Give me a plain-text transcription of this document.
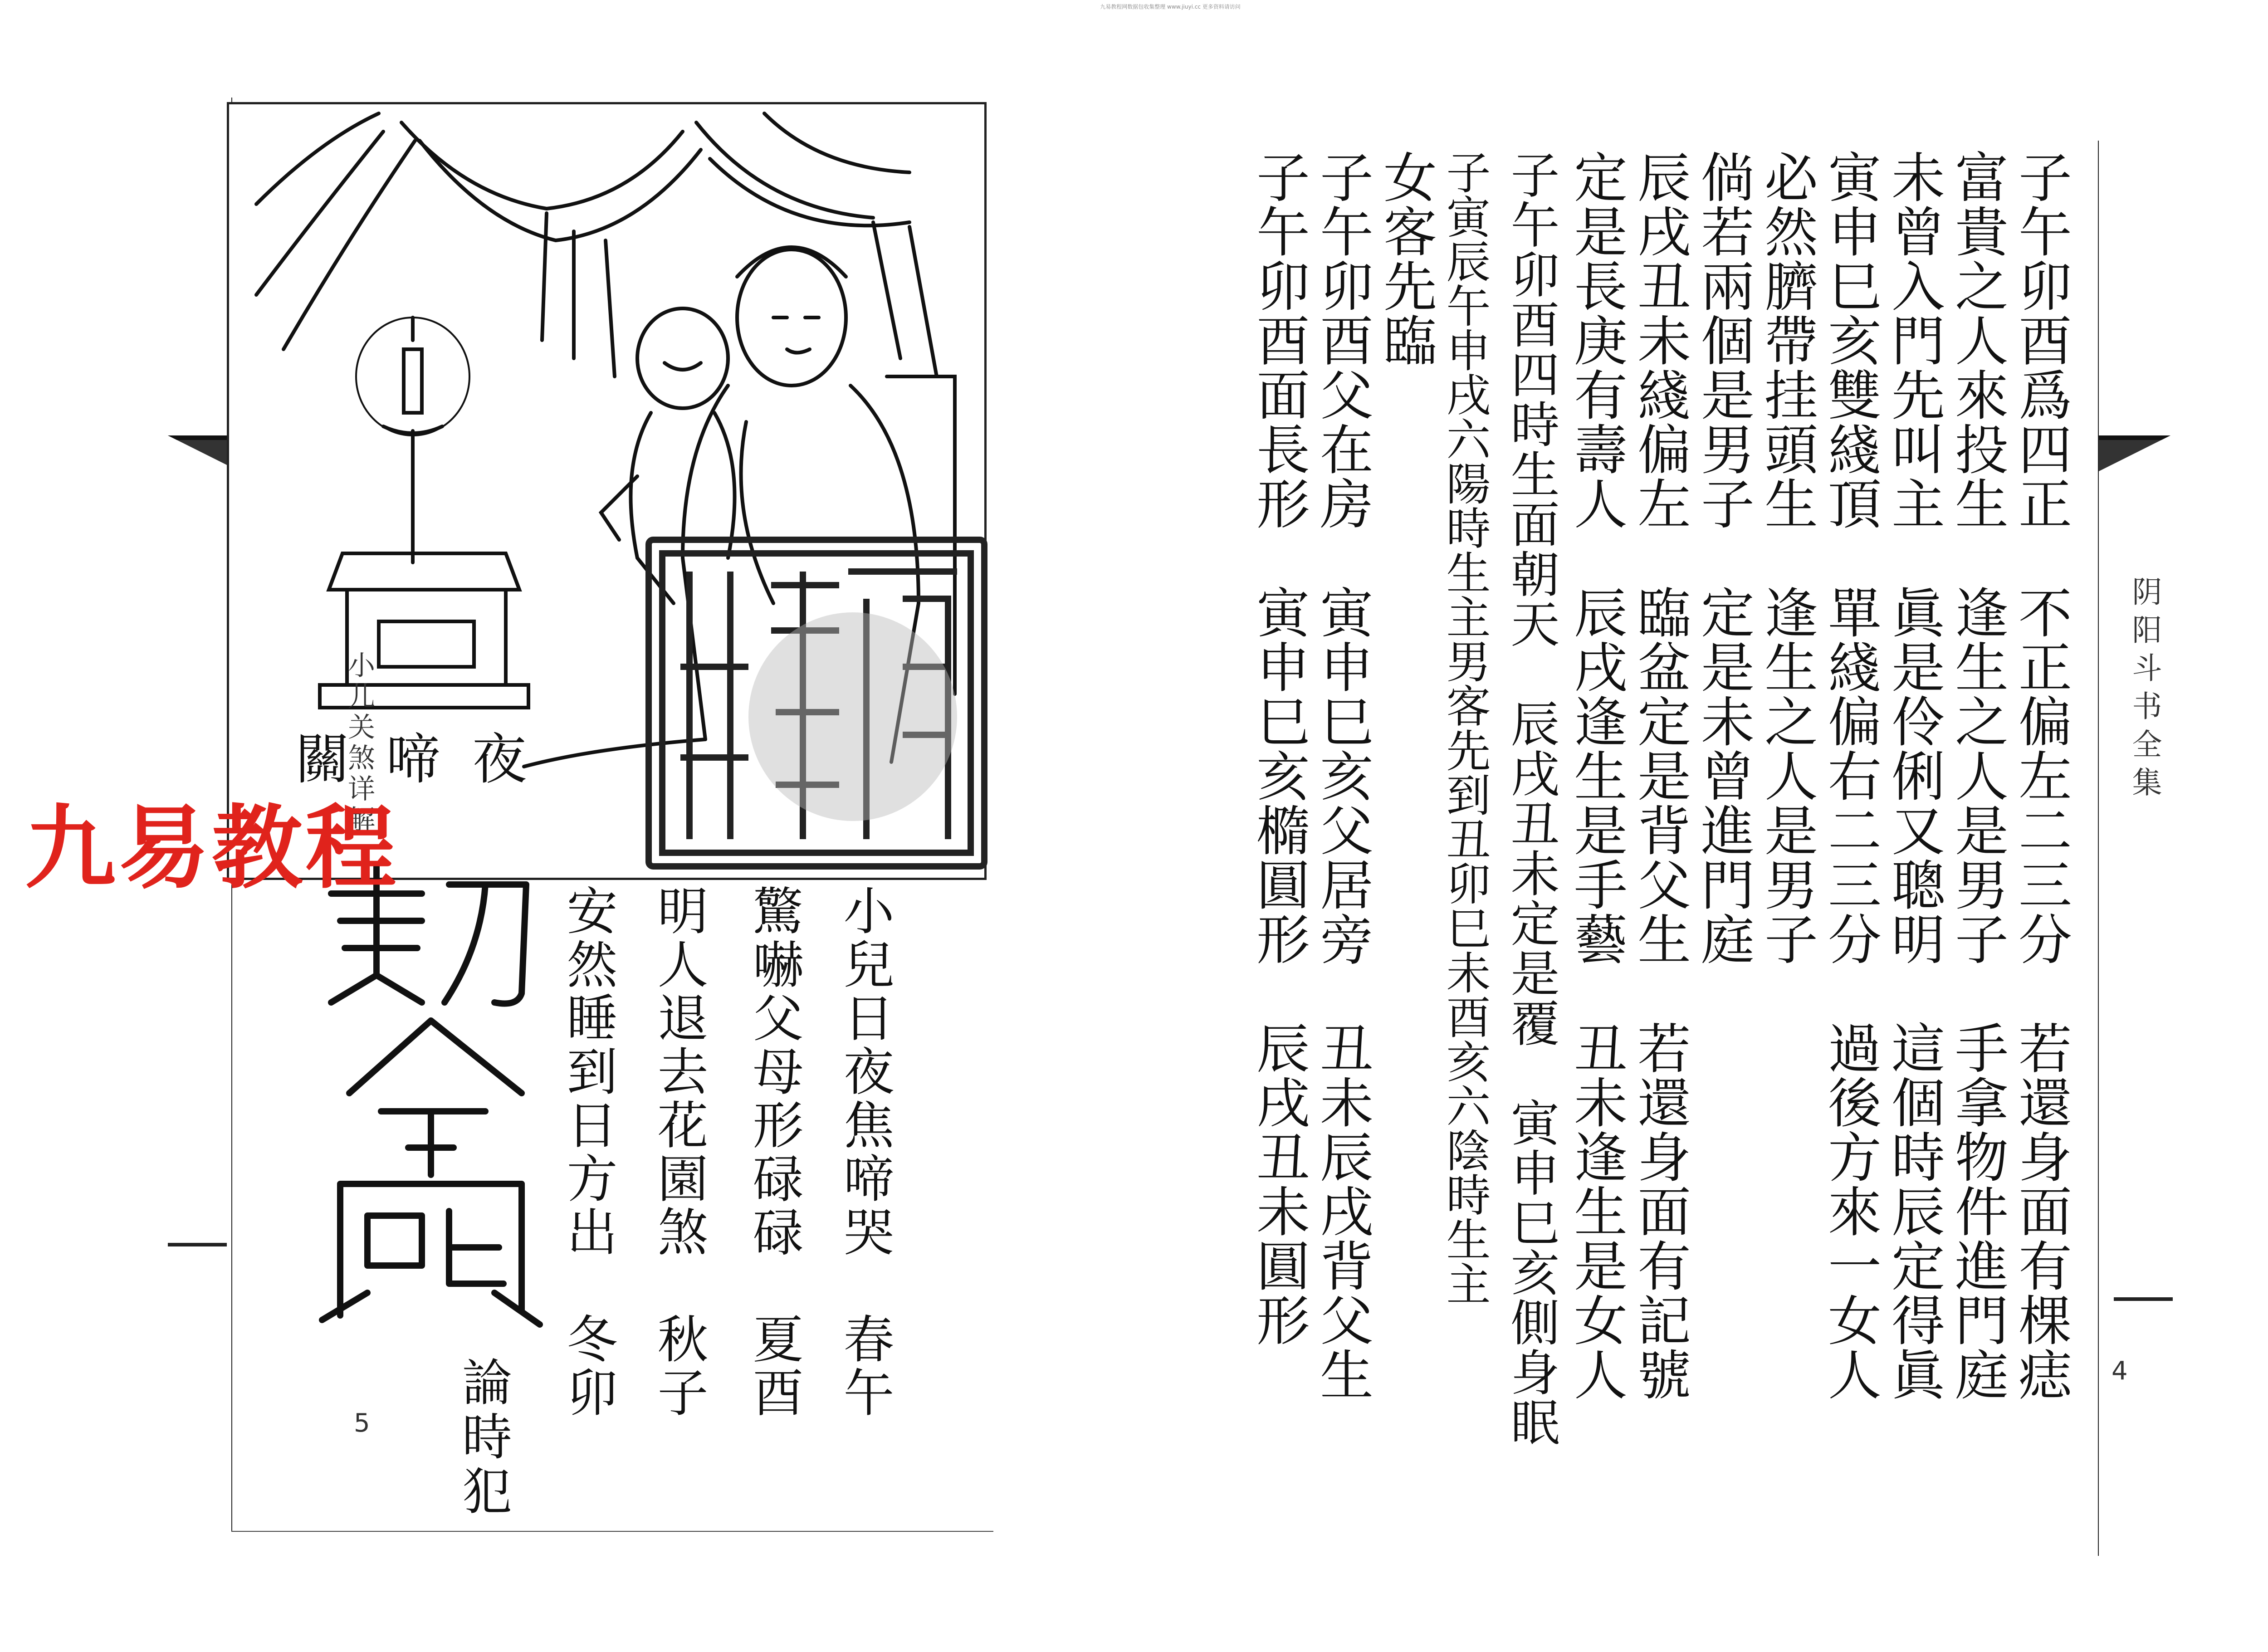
九易教程网数据包收集整理 www.jiuyi.cc 更多资料请访问
小儿关煞详解
5
夜
啼
關
小兒日夜焦啼哭　春午
驚嚇父母形碌碌　夏酉
明人退去花園煞　秋子
安然睡到日方出　冬卯
論時犯
九易教程
阴阳斗书全集
4
子午卯酉爲四正　不正偏左二三分　若還身面有棵痣
富貴之人來投生　逢生之人是男子　手拿物件進門庭
未曾入門先叫主　眞是伶俐又聰明　這個時辰定得眞
寅申巳亥雙綫頂　單綫偏右二三分　過後方來一女人
必然臍帶挂頭生　逢生之人是男子
倘若兩個是男子　定是未曾進門庭
辰戌丑未綫偏左　臨盆定是背父生　若還身面有記號
定是長庚有壽人　辰戌逢生是手藝　丑未逢生是女人
子午卯酉四時生面朝天　辰戌丑未定是覆　寅申巳亥側身眠
子寅辰午申戌六陽時生主男客先到丑卯巳未酉亥六陰時生主
女客先臨
子午卯酉父在房　寅申巳亥父居旁　丑未辰戌背父生
子午卯酉面長形　寅申巳亥橢圓形　辰戌丑未圓形
